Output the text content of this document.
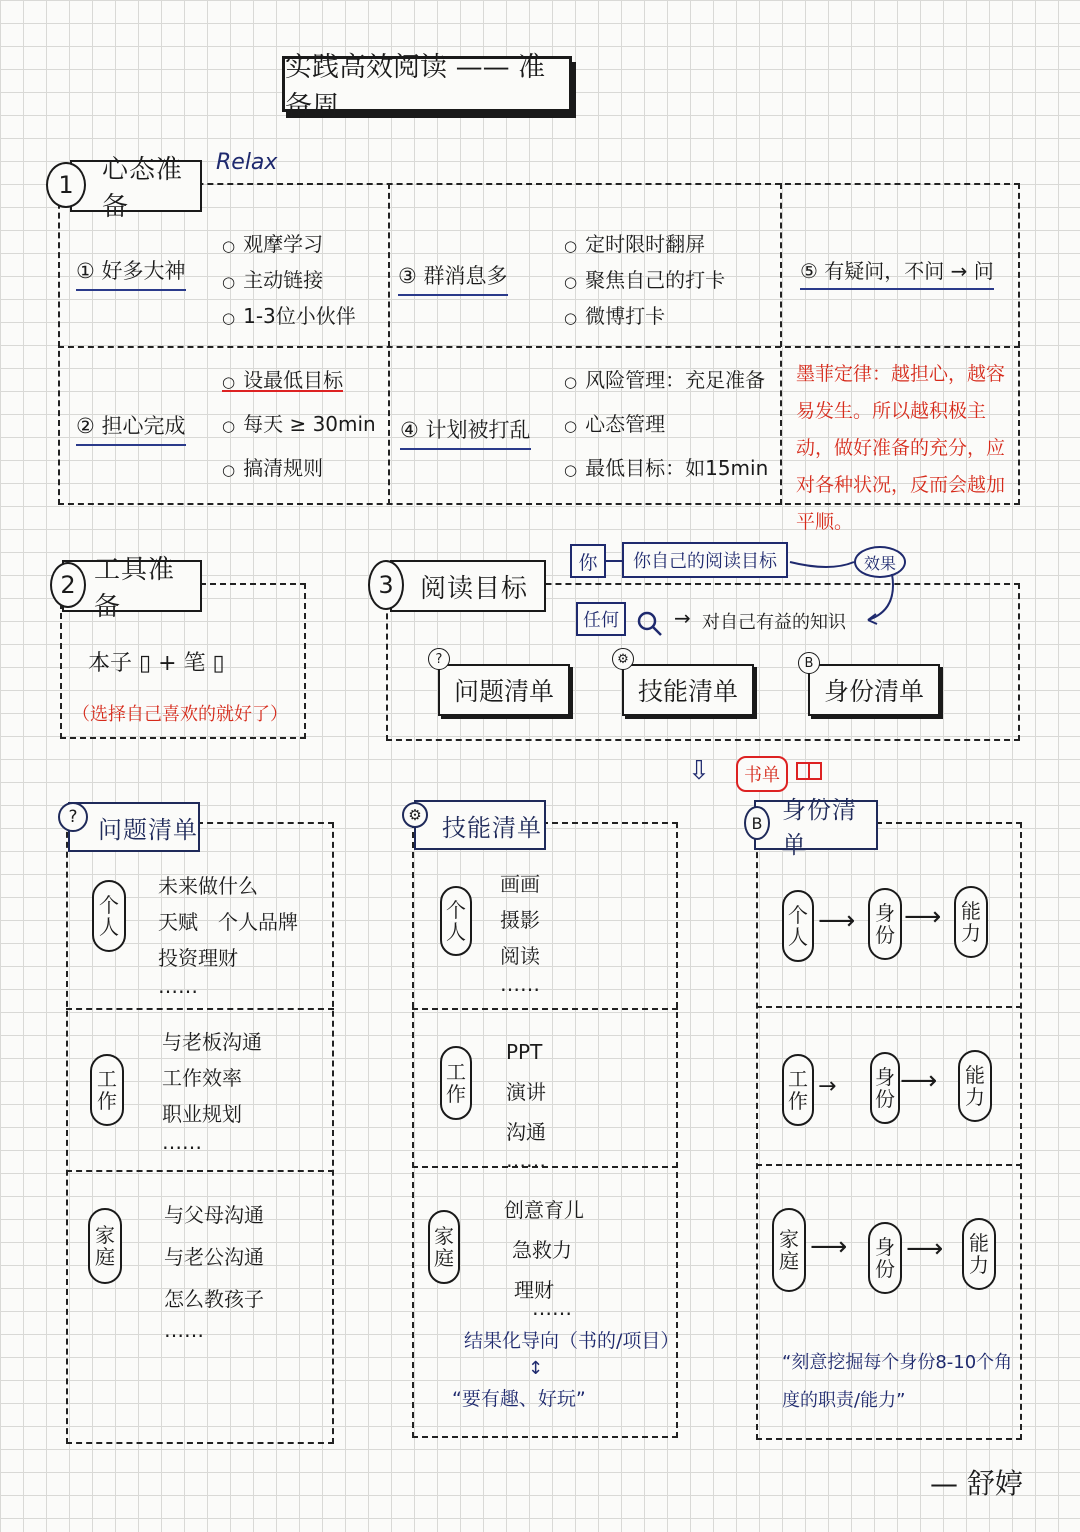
实践高效阅读 —— 准备周
心态准备
1
Relax
① 好多大神
○ 观摩学习
○ 主动链接
○ 1-3位小伙伴
② 担心完成
○ 设最低目标
○ 每天 ≥ 30min
○ 搞清规则
③ 群消息多
○ 定时限时翻屏
○ 聚焦自己的打卡
○ 微博打卡
④ 计划被打乱
○ 风险管理：充足准备
○ 心态管理
○ 最低目标：如15min
⑤ 有疑问，不问 → 问
墨菲定律：越担心，越容易发生。所以越积极主动，做好准备的充分，应对各种状况，反而会越加平顺。
工具准备
2
本子 ▯ + 笔 ▯
（选择自己喜欢的就好了）
阅读目标
3
你 你自己的阅读目标	效果
任何	→ 对自己有益的知识
问题清单
?
技能清单
⚙
身份清单
B
⇩ 书单
问题清单
?
个
人
未来做什么
天赋　个人品牌
投资理财
……
工
作
与老板沟通
工作效率
职业规划
……
家
庭
与父母沟通
与老公沟通
怎么教孩子
……
技能清单
⚙
个
人
画画
摄影
阅读
……
工
作
PPT
演讲
沟通
……
家
庭
创意育儿
急救力
理财
……
结果化导向（书的/项目）
↕
“要有趣、好玩”
身份清单
B
个
人
⟶ 身
份
⟶ 能
力
工
作
→ 身
份
⟶ 能
力
家
庭 ⟶ 身
份
⟶ 能
力
“刻意挖掘每个身份8-10个角度的职责/能力”
— 舒婷
